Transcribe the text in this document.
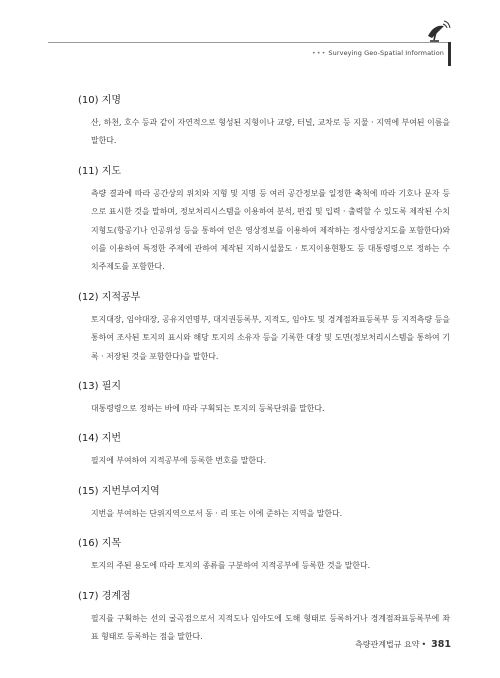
••• Surveying Geo-Spatial Information

(10) 지명

산, 하천, 호수 등과 같이 자연적으로 형성된 지형이나 교량, 터널, 교차로 등 지물 · 지역에 부여된 이름을 말한다.

(11) 지도

측량 결과에 따라 공간상의 위치와 지형 및 지명 등 여러 공간정보를 일정한 축척에 따라 기호나 문자 등으로 표시한 것을 말하며, 정보처리시스템을 이용하여 분석, 편집 및 입력 · 출력할 수 있도록 제작된 수치지형도(항공기나 인공위성 등을 통하여 얻은 영상정보를 이용하여 제작하는 정사영상지도를 포함한다)와 이를 이용하여 특정한 주제에 관하여 제작된 지하시설물도 · 토지이용현황도 등 대통령령으로 정하는 수치주제도를 포함한다.

(12) 지적공부

토지대장, 임야대장, 공유지연명부, 대지권등록부, 지적도, 임야도 및 경계점좌표등록부 등 지적측량 등을 통하여 조사된 토지의 표시와 해당 토지의 소유자 등을 기록한 대장 및 도면(정보처리시스템을 통하여 기록 · 저장된 것을 포함한다)을 말한다.

(13) 필지

대통령령으로 정하는 바에 따라 구획되는 토지의 등록단위를 말한다.

(14) 지번

필지에 부여하여 지적공부에 등록한 번호를 말한다.

(15) 지번부여지역

지번을 부여하는 단위지역으로서 동 · 리 또는 이에 준하는 지역을 말한다.

(16) 지목

토지의 주된 용도에 따라 토지의 종류를 구분하여 지적공부에 등록한 것을 말한다.

(17) 경계점

필지를 구획하는 선의 굴곡점으로서 지적도나 임야도에 도해 형태로 등록하거나 경계점좌표등록부에 좌표 형태로 등록하는 점을 말한다.

측량관계법규 요약 • 381
